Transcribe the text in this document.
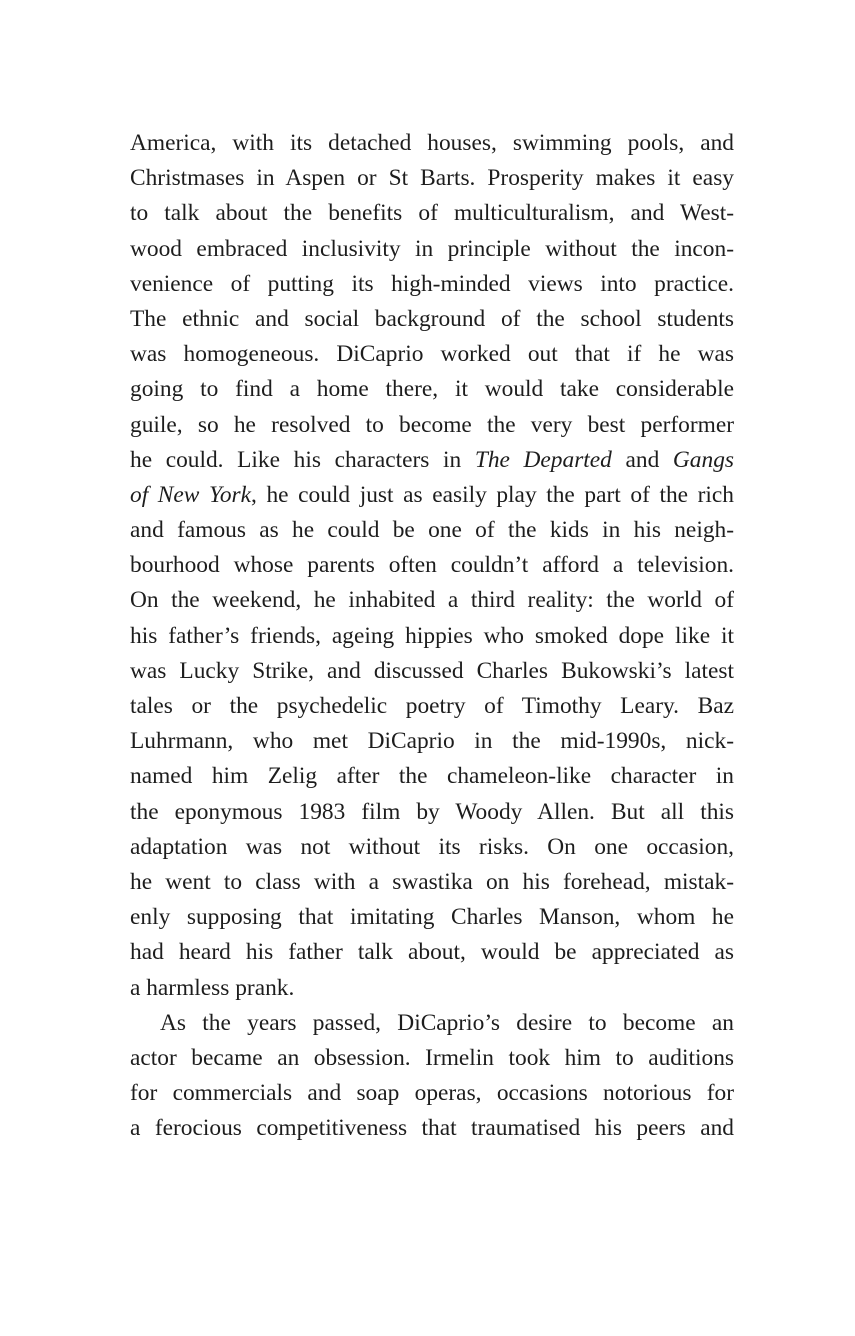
America, with its detached houses, swimming pools, and
Christmases in Aspen or St Barts. Prosperity makes it easy
to talk about the benefits of multiculturalism, and West-
wood embraced inclusivity in principle without the incon-
venience of putting its high-minded views into practice.
The ethnic and social background of the school students
was homogeneous. DiCaprio worked out that if he was
going to find a home there, it would take considerable
guile, so he resolved to become the very best performer
he could. Like his characters in The Departed and Gangs
of New York, he could just as easily play the part of the rich
and famous as he could be one of the kids in his neigh-
bourhood whose parents often couldn’t afford a television.
On the weekend, he inhabited a third reality: the world of
his father’s friends, ageing hippies who smoked dope like it
was Lucky Strike, and discussed Charles Bukowski’s latest
tales or the psychedelic poetry of Timothy Leary. Baz
Luhrmann, who met DiCaprio in the mid-1990s, nick-
named him Zelig after the chameleon-like character in
the eponymous 1983 film by Woody Allen. But all this
adaptation was not without its risks. On one occasion,
he went to class with a swastika on his forehead, mistak-
enly supposing that imitating Charles Manson, whom he
had heard his father talk about, would be appreciated as
a harmless prank.
As the years passed, DiCaprio’s desire to become an
actor became an obsession. Irmelin took him to auditions
for commercials and soap operas, occasions notorious for
a ferocious competitiveness that traumatised his peers and
